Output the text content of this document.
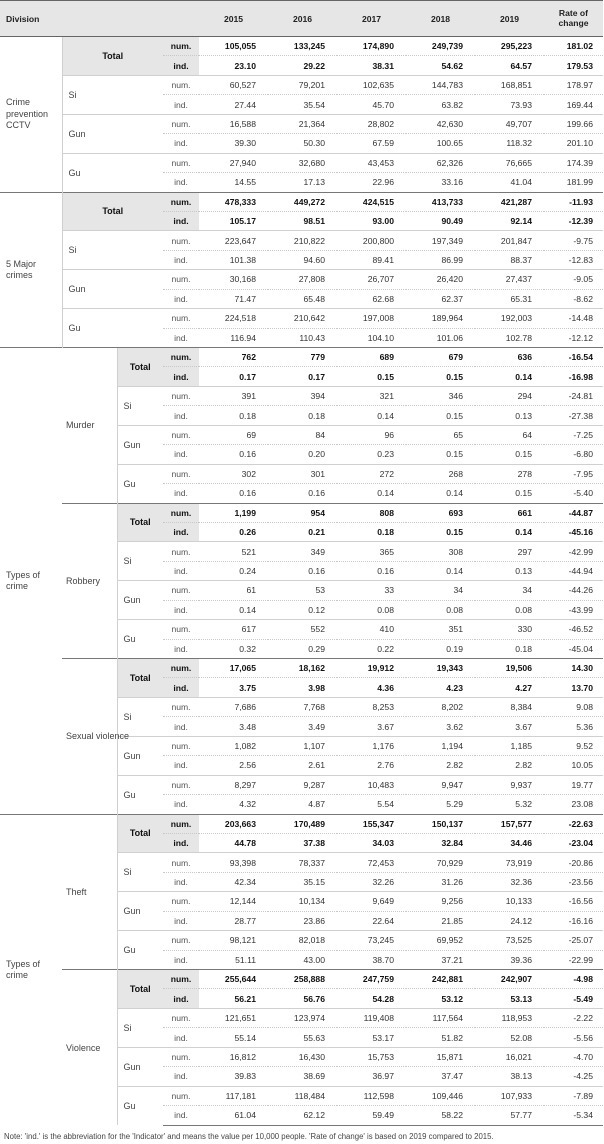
Division				2015	2016	2017	2018	2019	Rate of change
Crime prevention CCTV	Total		num.	105,055	133,245	174,890	249,739	295,223	181.02
			ind.	23.10	29.22	38.31	54.62	64.57	179.53
	Si		num.	60,527	79,201	102,635	144,783	168,851	178.97
			ind.	27.44	35.54	45.70	63.82	73.93	169.44
	Gun		num.	16,588	21,364	28,802	42,630	49,707	199.66
			ind.	39.30	50.30	67.59	100.65	118.32	201.10
	Gu		num.	27,940	32,680	43,453	62,326	76,665	174.39
			ind.	14.55	17.13	22.96	33.16	41.04	181.99
5 Major crimes	Total		num.	478,333	449,272	424,515	413,733	421,287	-11.93
			ind.	105.17	98.51	93.00	90.49	92.14	-12.39
	Si		num.	223,647	210,822	200,800	197,349	201,847	-9.75
			ind.	101.38	94.60	89.41	86.99	88.37	-12.83
	Gun		num.	30,168	27,808	26,707	26,420	27,437	-9.05
			ind.	71.47	65.48	62.68	62.37	65.31	-8.62
	Gu		num.	224,518	210,642	197,008	189,964	192,003	-14.48
			ind.	116.94	110.43	104.10	101.06	102.78	-12.12
Types of crime	Murder	Total	num.	762	779	689	679	636	-16.54
			ind.	0.17	0.17	0.15	0.15	0.14	-16.98
		Si	num.	391	394	321	346	294	-24.81
			ind.	0.18	0.18	0.14	0.15	0.13	-27.38
		Gun	num.	69	84	96	65	64	-7.25
			ind.	0.16	0.20	0.23	0.15	0.15	-6.80
		Gu	num.	302	301	272	268	278	-7.95
			ind.	0.16	0.16	0.14	0.14	0.15	-5.40
	Robbery	Total	num.	1,199	954	808	693	661	-44.87
			ind.	0.26	0.21	0.18	0.15	0.14	-45.16
		Si	num.	521	349	365	308	297	-42.99
			ind.	0.24	0.16	0.16	0.14	0.13	-44.94
		Gun	num.	61	53	33	34	34	-44.26
			ind.	0.14	0.12	0.08	0.08	0.08	-43.99
		Gu	num.	617	552	410	351	330	-46.52
			ind.	0.32	0.29	0.22	0.19	0.18	-45.04
	Sexual violence	Total	num.	17,065	18,162	19,912	19,343	19,506	14.30
			ind.	3.75	3.98	4.36	4.23	4.27	13.70
		Si	num.	7,686	7,768	8,253	8,202	8,384	9.08
			ind.	3.48	3.49	3.67	3.62	3.67	5.36
		Gun	num.	1,082	1,107	1,176	1,194	1,185	9.52
			ind.	2.56	2.61	2.76	2.82	2.82	10.05
		Gu	num.	8,297	9,287	10,483	9,947	9,937	19.77
			ind.	4.32	4.87	5.54	5.29	5.32	23.08
Types of crime	Theft	Total	num.	203,663	170,489	155,347	150,137	157,577	-22.63
			ind.	44.78	37.38	34.03	32.84	34.46	-23.04
		Si	num.	93,398	78,337	72,453	70,929	73,919	-20.86
			ind.	42.34	35.15	32.26	31.26	32.36	-23.56
		Gun	num.	12,144	10,134	9,649	9,256	10,133	-16.56
			ind.	28.77	23.86	22.64	21.85	24.12	-16.16
		Gu	num.	98,121	82,018	73,245	69,952	73,525	-25.07
			ind.	51.11	43.00	38.70	37.21	39.36	-22.99
	Violence	Total	num.	255,644	258,888	247,759	242,881	242,907	-4.98
			ind.	56.21	56.76	54.28	53.12	53.13	-5.49
		Si	num.	121,651	123,974	119,408	117,564	118,953	-2.22
			ind.	55.14	55.63	53.17	51.82	52.08	-5.56
		Gun	num.	16,812	16,430	15,753	15,871	16,021	-4.70
			ind.	39.83	38.69	36.97	37.47	38.13	-4.25
		Gu	num.	117,181	118,484	112,598	109,446	107,933	-7.89
			ind.	61.04	62.12	59.49	58.22	57.77	-5.34
Note: 'ind.' is the abbreviation for the 'Indicator' and means the value per 10,000 people. 'Rate of change' is based on 2019 compared to 2015.
